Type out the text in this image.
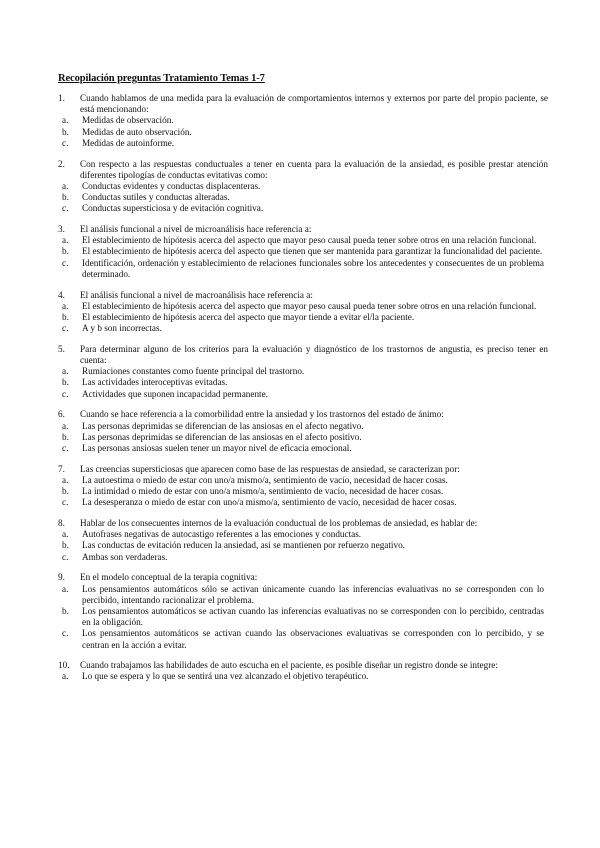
Recopilación preguntas Tratamiento Temas 1-7
1.	Cuando hablamos de una medida para la evaluación de comportamientos internos y externos por parte del propio paciente, se está mencionando:
a.	Medidas de observación.
b.	Medidas de auto observación.
c.	Medidas de autoinforme.
2.	Con respecto a las respuestas conductuales a tener en cuenta para la evaluación de la ansiedad, es posible prestar atención diferentes tipologías de conductas evitativas como:
a.	Conductas evidentes y conductas displacenteras.
b.	Conductas sutiles y conductas alteradas.
c.	Conductas supersticiosa y de evitación cognitiva.
3.	El análisis funcional a nivel de microanálisis hace referencia a:
a.	El establecimiento de hipótesis acerca del aspecto que mayor peso causal pueda tener sobre otros en una relación funcional.
b.	El establecimiento de hipótesis acerca del aspecto que tienen que ser mantenida para garantizar la funcionalidad del paciente.
c.	Identificación, ordenación y establecimiento de relaciones funcionales sobre los antecedentes y consecuentes de un problema determinado.
4.	El análisis funcional a nivel de macroanálisis hace referencia a:
a.	El establecimiento de hipótesis acerca del aspecto que mayor peso causal pueda tener sobre otros en una relación funcional.
b.	El establecimiento de hipótesis acerca del aspecto que mayor tiende a evitar el/la paciente.
c.	A y b son incorrectas.
5.	Para determinar alguno de los criterios para la evaluación y diagnóstico de los trastornos de angustia, es preciso tener en cuenta:
a.	Rumiaciones constantes como fuente principal del trastorno.
b.	Las actividades interoceptivas evitadas.
c.	Actividades que suponen incapacidad permanente.
6.	Cuando se hace referencia a la comorbilidad entre la ansiedad y los trastornos del estado de ánimo:
a.	Las personas deprimidas se diferencian de las ansiosas en el afecto negativo.
b.	Las personas deprimidas se diferencian de las ansiosas en el afecto positivo.
c.	Las personas ansiosas suelen tener un mayor nivel de eficacia emocional.
7.	Las creencias supersticiosas que aparecen como base de las respuestas de ansiedad, se caracterizan por:
a.	La autoestima o miedo de estar con uno/a mismo/a, sentimiento de vacío, necesidad de hacer cosas.
b.	La intimidad o miedo de estar con uno/a mismo/a, sentimiento de vacío, necesidad de hacer cosas.
c.	La desesperanza o miedo de estar con uno/a mismo/a, sentimiento de vacío, necesidad de hacer cosas.
8.	Hablar de los consecuentes internos de la evaluación conductual de los problemas de ansiedad, es hablar de:
a.	Autofrases negativas de autocastigo referentes a las emociones y conductas.
b.	Las conductas de evitación reducen la ansiedad, así se mantienen por refuerzo negativo.
c.	Ambas son verdaderas.
9.	En el modelo conceptual de la terapia cognitiva:
a.	Los pensamientos automáticos sólo se activan únicamente cuando las inferencias evaluativas no se corresponden con lo percibido, intentando racionalizar el problema.
b.	Los pensamientos automáticos se activan cuando las inferencias evaluativas no se corresponden con lo percibido, centradas en la obligación.
c.	Los pensamientos automáticos se activan cuando las observaciones evaluativas se corresponden con lo percibido, y se centran en la acción a evitar.
10.	Cuando trabajamos las habilidades de auto escucha en el paciente, es posible diseñar un registro donde se integre:
a.	Lo que se espera y lo que se sentirá una vez alcanzado el objetivo terapéutico.
